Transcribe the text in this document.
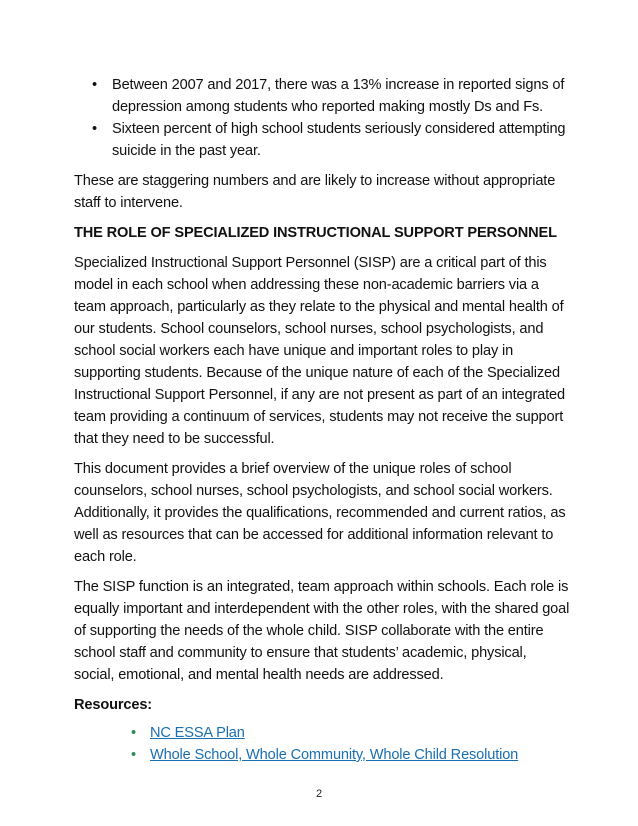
•	Between 2007 and 2017, there was a 13% increase in reported signs of depression among students who reported making mostly Ds and Fs.
•	Sixteen percent of high school students seriously considered attempting suicide in the past year.

These are staggering numbers and are likely to increase without appropriate staff to intervene.

THE ROLE OF SPECIALIZED INSTRUCTIONAL SUPPORT PERSONNEL

Specialized Instructional Support Personnel (SISP) are a critical part of this model in each school when addressing these non-academic barriers via a team approach, particularly as they relate to the physical and mental health of our students. School counselors, school nurses, school psychologists, and school social workers each have unique and important roles to play in supporting students. Because of the unique nature of each of the Specialized Instructional Support Personnel, if any are not present as part of an integrated team providing a continuum of services, students may not receive the support that they need to be successful.

This document provides a brief overview of the unique roles of school counselors, school nurses, school psychologists, and school social workers. Additionally, it provides the qualifications, recommended and current ratios, as well as resources that can be accessed for additional information relevant to each role.

The SISP function is an integrated, team approach within schools. Each role is equally important and interdependent with the other roles, with the shared goal of supporting the needs of the whole child. SISP collaborate with the entire school staff and community to ensure that students’ academic, physical, social, emotional, and mental health needs are addressed.

Resources:
• NC ESSA Plan
• Whole School, Whole Community, Whole Child Resolution
2
